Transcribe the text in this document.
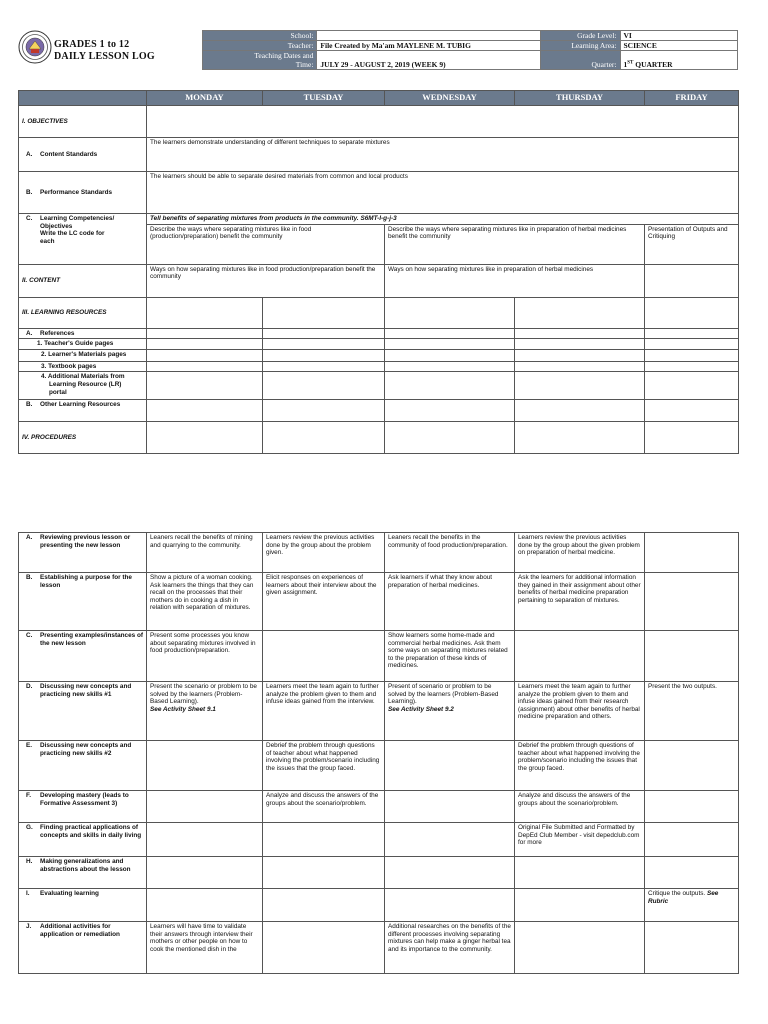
GRADES 1 to 12
DAILY LESSON LOG
School:		Grade Level:	VI
Teacher:	File Created by Ma'am MAYLENE M. TUBIG	Learning Area:	SCIENCE

Teaching Dates and
Time:	JULY 29 - AUGUST 2, 2019 (WEEK 9)	Quarter:	1ST QUARTER
	MONDAY	TUESDAY	WEDNESDAY	THURSDAY	FRIDAY
I. OBJECTIVES					

A. Content Standards	The learners demonstrate understanding of different techniques to separate mixtures				

B. Performance Standards	The learners should be able to separate desired materials from common and local products				

C. Learning Competencies/
Objectives
Write the LC code for
each	Tell benefits of separating mixtures from products in the community. S6MT-I-g-j-3				
	Describe the ways where separating mixtures like in food (production/preparation) benefit the community		Describe the ways where separating mixtures like in preparation of herbal medicines benefit the community		Presentation of Outputs and Critiquing
II. CONTENT	Ways on how separating mixtures like in food production/preparation benefit the community		Ways on how separating mixtures like in preparation of herbal medicines		
III. LEARNING RESOURCES					

A. References					

1. Teacher's Guide pages					
2. Learner's Materials pages					
3. Textbook pages					
4. Additional Materials from
Learning Resource (LR)
portal					

B. Other Learning Resources					

IV. PROCEDURES					
A. Reviewing previous lesson or presenting the new lesson	Leaners recall the benefits of mining and quarrying to the community.	Learners review the previous activities done by the group about the problem given.	Leaners recall the benefits in the community of food production/preparation.	Learners review the previous activities done by the group about the given problem on preparation of herbal medicine.	

B. Establishing a purpose for the lesson	Show a picture of a woman cooking. Ask learners the things that they can recall on the processes that their mothers do in cooking a dish in relation with separation of mixtures.	Elicit responses on experiences of learners about their interview about the given assignment.	Ask learners if what they know about preparation of herbal medicines.	Ask the learners for additional information they gained in their assignment about other benefits of herbal medicine preparation pertaining to separation of mixtures.	

C. Presenting examples/instances of the new lesson	Present some processes you know about separating mixtures involved in food production/preparation.		Show learners some home-made and commercial herbal medicines. Ask them some ways on separating mixtures related to the preparation of these kinds of medicines.		

D. Discussing new concepts and practicing new skills #1	Present the scenario or problem to be solved by the learners (Problem-Based Learning).
See Activity Sheet 9.1	Learners meet the team again to further analyze the problem given to them and infuse ideas gained from the interview.	Present of scenario or problem to be solved by the learners (Problem-Based Learning).
See Activity Sheet 9.2	Learners meet the team again to further analyze the problem given to them and infuse ideas gained from their research (assignment) about other benefits of herbal medicine preparation and others.	Present the two outputs.

E. Discussing new concepts and practicing new skills #2		Debrief the problem through questions of teacher about what happened involving the problem/scenario including the issues that the group faced.		Debrief the problem through questions of teacher about what happened involving the problem/scenario including the issues that the group faced.	

F. Developing mastery (leads to Formative Assessment 3)		Analyze and discuss the answers of the groups about the scenario/problem.		Analyze and discuss the answers of the groups about the scenario/problem.	

G. Finding practical applications of concepts and skills in daily living				Original File Submitted and Formatted by DepEd Club Member - visit depedclub.com for more	

H. Making generalizations and abstractions about the lesson					

I. Evaluating learning					Critique the outputs. See Rubric

J. Additional activities for application or remediation	Learners will have time to validate their answers through interview their mothers or other people on how to cook the mentioned dish in the		Additional researches on the benefits of the different processes involving separating mixtures can help make a ginger herbal tea and its importance to the community.		
